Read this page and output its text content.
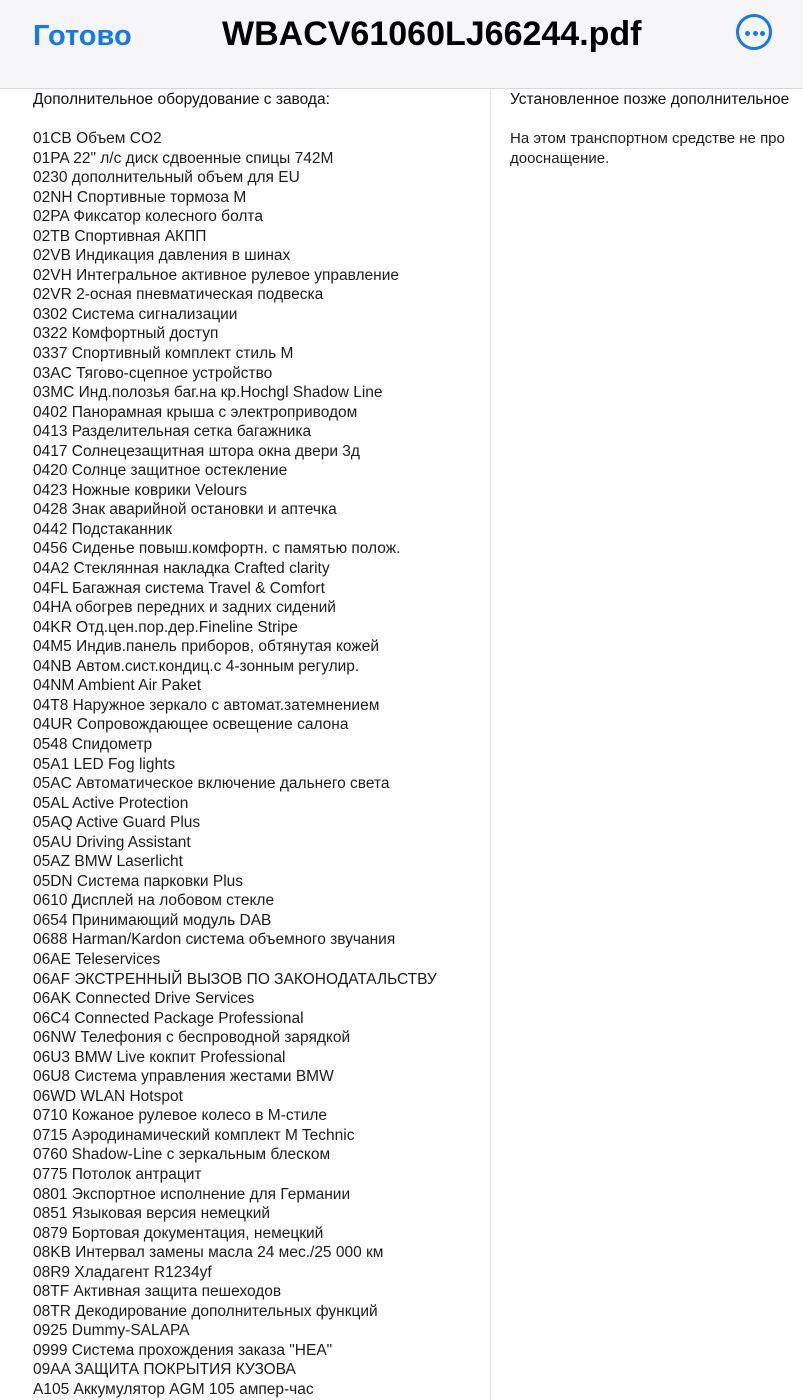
Готово	WBACV61060LJ66244.pdf
Дополнительное оборудование с завода:
01CB Объем CO2
01PA 22" л/с диск сдвоенные спицы 742M
0230 дополнительный объем для EU
02NH Спортивные тормоза M
02PA Фиксатор колесного болта
02TB Спортивная АКПП
02VB Индикация давления в шинах
02VH Интегральное активное рулевое управление
02VR 2-осная пневматическая подвеска
0302 Система сигнализации
0322 Комфортный доступ
0337 Спортивный комплект стиль М
03AC Тягово-сцепное устройство
03MC Инд.полозья баг.на кр.Hochgl Shadow Line
0402 Панорамная крыша с электроприводом
0413 Разделительная сетка багажника
0417 Солнецезащитная штора окна двери 3д
0420 Солнце защитное остекление
0423 Ножные коврики Velours
0428 Знак аварийной остановки и аптечка
0442 Подстаканник
0456 Сиденье повыш.комфортн. с памятью полож.
04A2 Стеклянная накладка Crafted clarity
04FL Багажная система Travel & Comfort
04HA обогрев передних и задних сидений
04KR Отд.цен.пор.дер.Fineline Stripe
04M5 Индив.панель приборов, обтянутая кожей
04NB Автом.сист.кондиц.с 4-зонным регулир.
04NM Ambient Air Paket
04T8 Наружное зеркало с автомат.затемнением
04UR Сопровождающее освещение салона
0548 Спидометр
05A1 LED Fog lights
05AC Автоматическое включение дальнего света
05AL Active Protection
05AQ Active Guard Plus
05AU Driving Assistant
05AZ BMW Laserlicht
05DN Система парковки Plus
0610 Дисплей на лобовом стекле
0654 Принимающий модуль DAB
0688 Harman/Kardon система объемного звучания
06AE Teleservices
06AF ЭКСТРЕННЫЙ ВЫЗОВ ПО ЗАКОНОДАТАЛЬСТВУ
06AK Connected Drive Services
06C4 Connected Package Professional
06NW Телефония с беспроводной зарядкой
06U3 BMW Live кокпит Professional
06U8 Система управления жестами BMW
06WD WLAN Hotspot
0710 Кожаное рулевое колесо в М-стиле
0715 Аэродинамический комплект M Technic
0760 Shadow-Line с зеркальным блеском
0775 Потолок антрацит
0801 Экспортное исполнение для Германии
0851 Языковая версия немецкий
0879 Бортовая документация, немецкий
08KB Интервал замены масла 24 мес./25 000 км
08R9 Хладагент R1234yf
08TF Активная защита пешеходов
08TR Декодирование дополнительных функций
0925 Dummy-SALAPA
0999 Система прохождения заказа "HEA"
09AA ЗАЩИТА ПОКРЫТИЯ КУЗОВА
A105 Аккумулятор AGM 105 ампер-час
Установленное позже дополнительное
На этом транспортном средстве не про
дооснащение.
